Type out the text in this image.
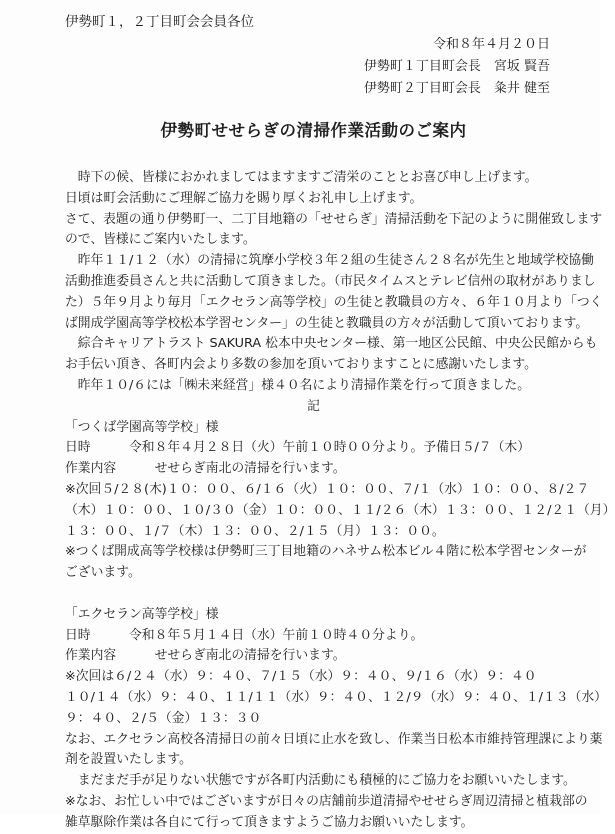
伊勢町１，２丁目町会会員各位
令和８年４月２０日
伊勢町１丁目町会長　宮坂 賢吾
伊勢町２丁目町会長　粂井 健至
伊勢町せせらぎの清掃作業活動のご案内
　時下の候、皆様におかれましてはますますご清栄のこととお喜び申し上げます。
日頃は町会活動にご理解ご協力を賜り厚くお礼申し上げます。
さて、表題の通り伊勢町一、二丁目地籍の「せせらぎ」清掃活動を下記のように開催致します
ので、皆様にご案内いたします。
　昨年１１/１２（水）の清掃に筑摩小学校３年２組の生徒さん２８名が先生と地域学校協働
活動推進委員さんと共に活動して頂きました。（市民タイムスとテレビ信州の取材がありまし
た）５年９月より毎月「エクセラン高等学校」の生徒と教職員の方々、６年１０月より「つく
ば開成学園高等学校松本学習センター」の生徒と教職員の方々が活動して頂いております。
　綜合キャリアトラスト SAKURA 松本中央センター様、第一地区公民館、中央公民館からも
お手伝い頂き、各町内会より多数の参加を頂いておりますことに感謝いたします。
　昨年１０/６には「㈱未来経営」様４０名により清掃作業を行って頂きました。
記
「つくば学園高等学校」様
日時　　　令和８年４月２８日（火）午前１０時００分より。予備日５/７（木）
作業内容　　　せせらぎ南北の清掃を行います。
※次回５/２８(木)１０：００、６/１６（火）１０：００、７/１（水）１０：００、８/２７
（木）１０：００、１０/３０（金）１０：００、１１/２６（木）１３：００、１２/２１（月）
１３：００、１/７（木）１３：００、２/１５（月）１３：００。
※つくば開成高等学校様は伊勢町三丁目地籍のハネサム松本ビル４階に松本学習センターが
ございます。
「エクセラン高等学校」様
日時　　　令和８年５月１４日（水）午前１０時４０分より。
作業内容　　　せせらぎ南北の清掃を行います。
※次回は６/２４（水）９：４０、７/１５（水）９：４０、９/１６（水）９：４０
１０/１４（水）９：４０、１１/１１（水）９：４０、１２/９（水）９：４０、１/１３（水）
９：４０、２/５（金）１３：３０
なお、エクセラン高校各清掃日の前々日頃に止水を致し、作業当日松本市維持管理課により薬
剤を設置いたします。
　まだまだ手が足りない状態ですが各町内活動にも積極的にご協力をお願いいたします。
※なお、お忙しい中ではございますが日々の店舗前歩道清掃やせせらぎ周辺清掃と植栽部の
雑草駆除作業は各自にて行って頂きますようご協力お願いいたします。
